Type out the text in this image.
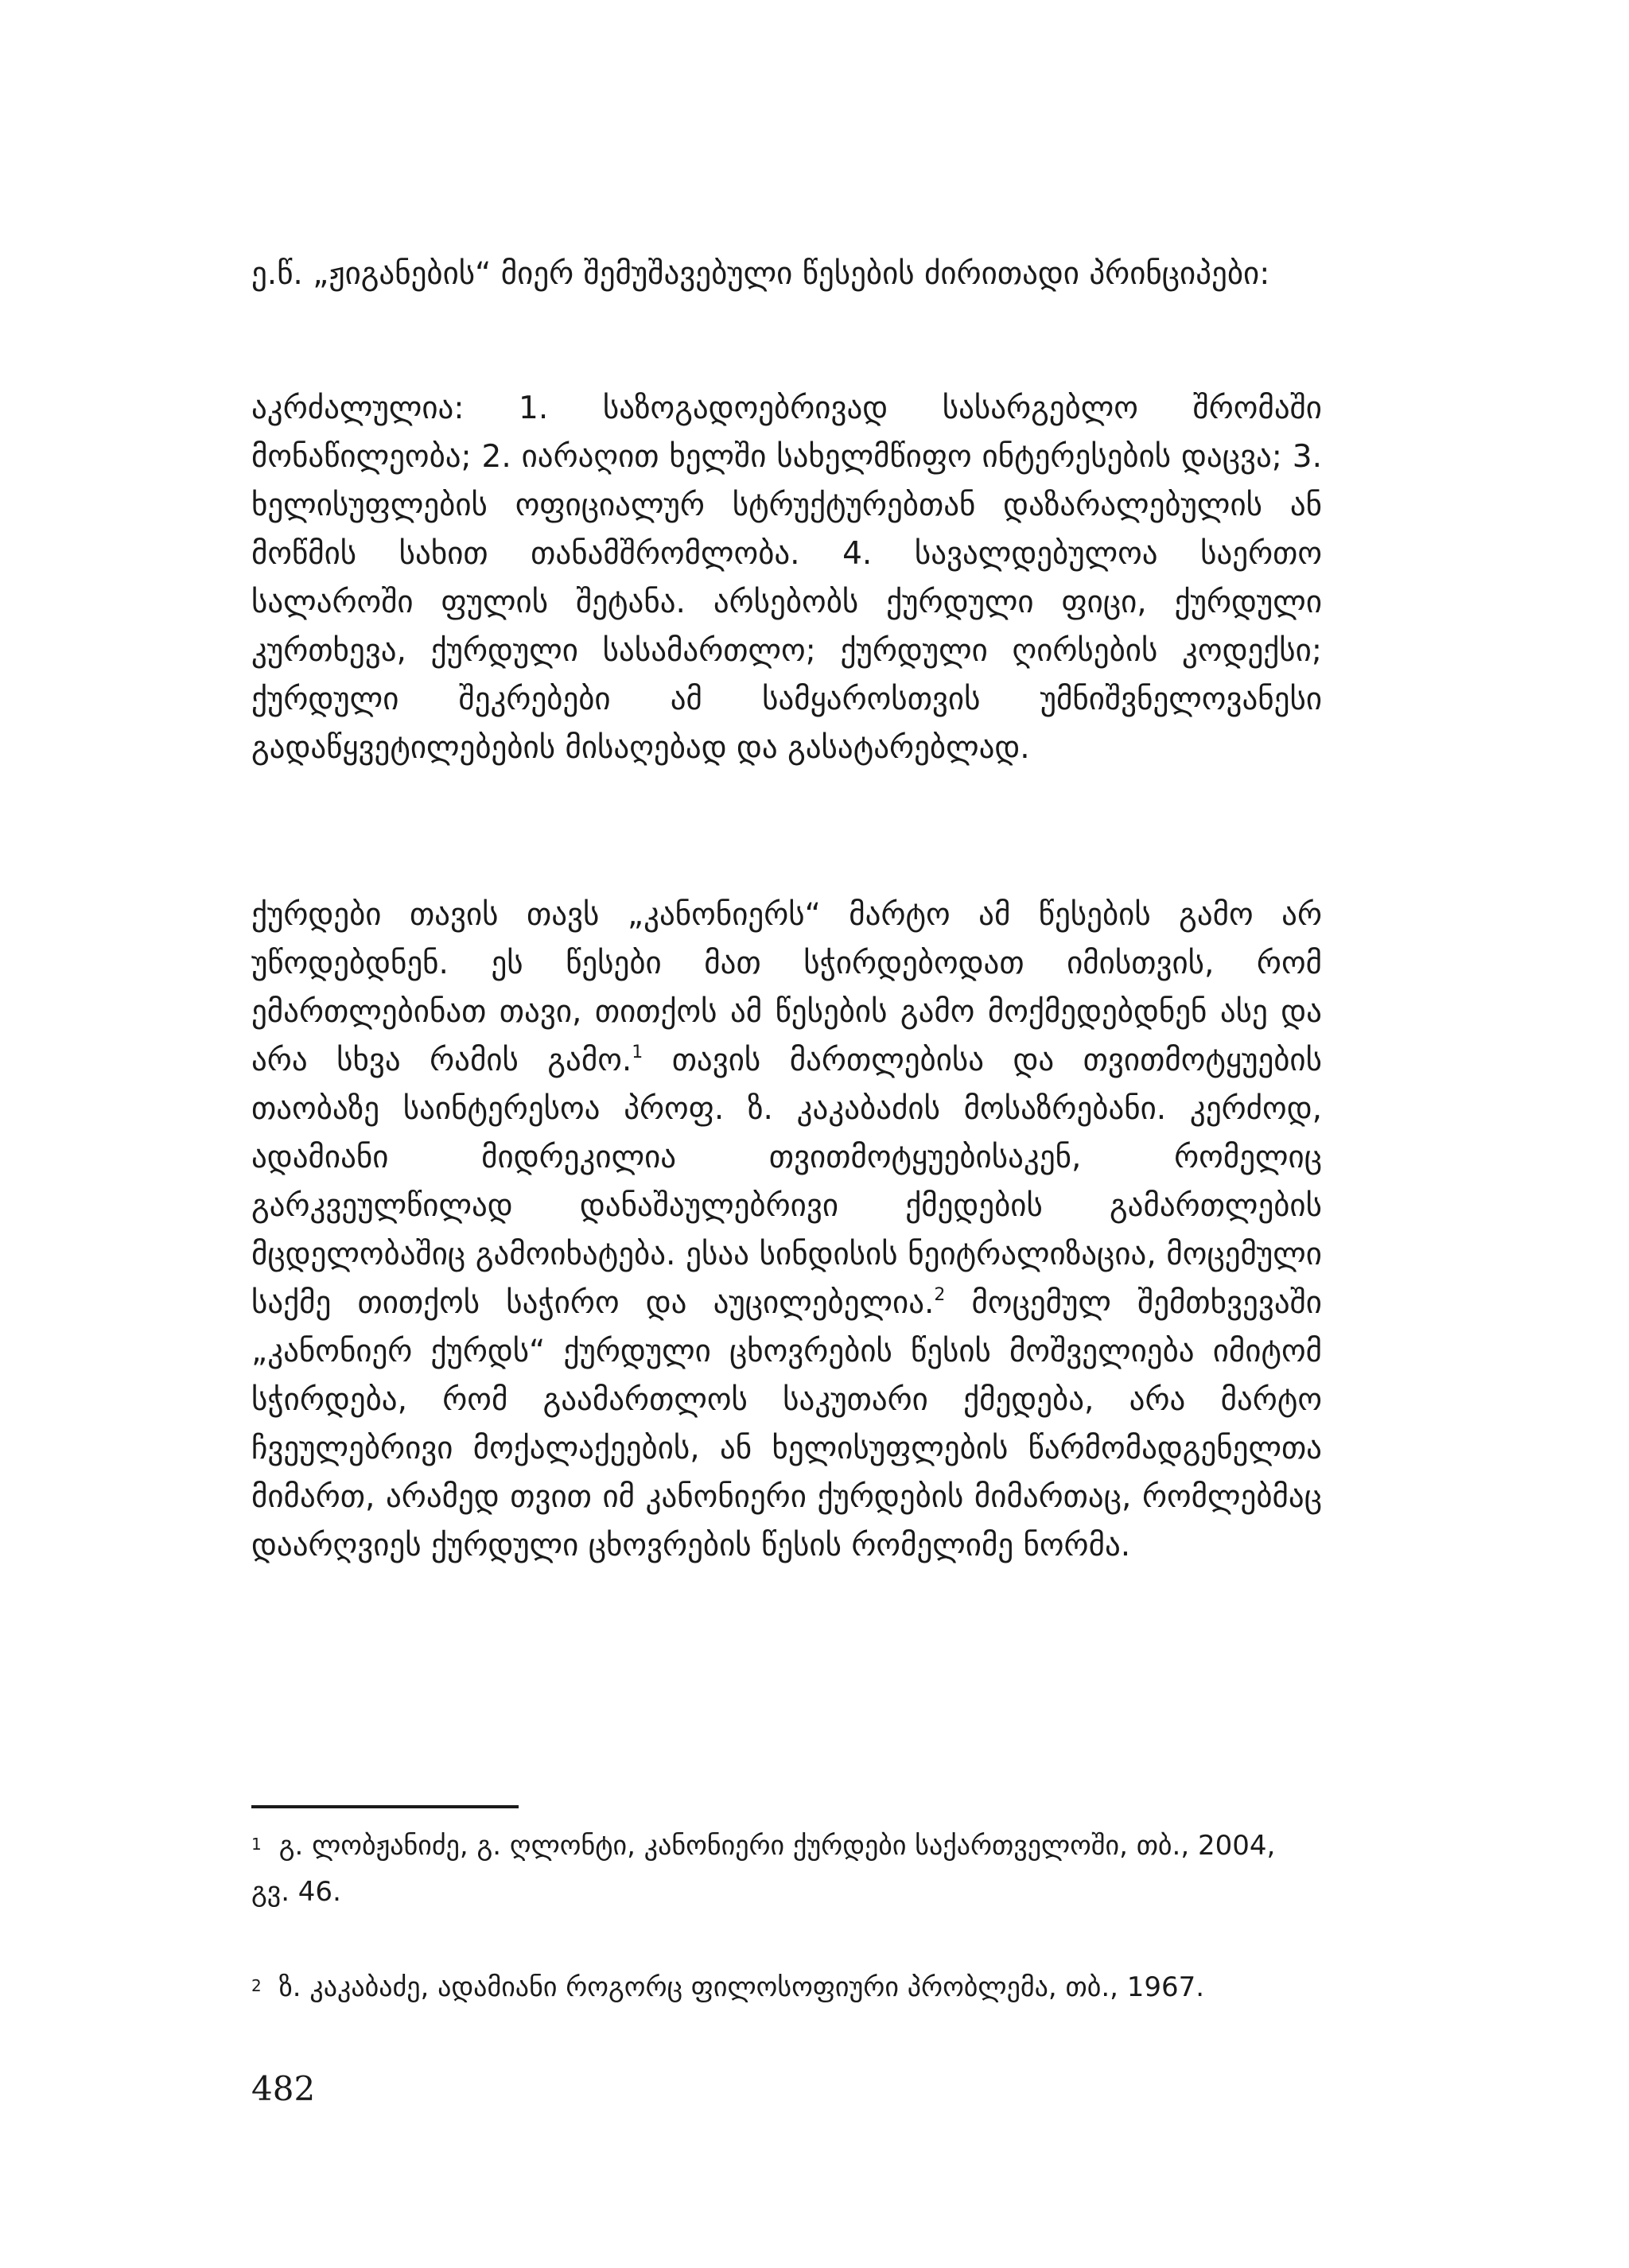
ე.წ. „ჟიგანების“ მიერ შემუშავებული წესების ძირითადი პრინციპები:

აკრძალულია: 1. საზოგადოებრივად სასარგებლო შრომაში მონაწილეობა; 2. იარაღით ხელში სახელმწიფო ინტერესების დაცვა; 3. ხელისუფლების ოფიციალურ სტრუქტურებთან დაზარალებულის ან მოწმის სახით თანამშრომლობა. 4. სავალდებულოა საერთო სალაროში ფულის შეტანა. არსებობს ქურდული ფიცი, ქურდული კურთხევა, ქურდული სასამართლო; ქურდული ღირსების კოდექსი; ქურდული შეკრებები ამ სამყაროსთვის უმნიშვნელოვანესი გადაწყვეტილებების მისაღებად და გასატარებლად.

ქურდები თავის თავს „კანონიერს“ მარტო ამ წესების გამო არ უწოდებდნენ. ეს წესები მათ სჭირდებოდათ იმისთვის, რომ ემართლებინათ თავი, თითქოს ამ წესების გამო მოქმედებდნენ ასე და არა სხვა რამის გამო.$^1$ თავის მართლებისა და თვითმოტყუების თაობაზე საინტერესოა პროფ. ზ. კაკაბაძის მოსაზრებანი. კერძოდ, ადამიანი მიდრეკილია თვითმოტყუებისაკენ, რომელიც გარკვეულწილად დანაშაულებრივი ქმედების გამართლების მცდელობაშიც გამოიხატება. ესაა სინდისის ნეიტრალიზაცია, მოცემული საქმე თითქოს საჭირო და აუცილებელია.$^2$ მოცემულ შემთხვევაში „კანონიერ ქურდს“ ქურდული ცხოვრების წესის მოშველიება იმიტომ სჭირდება, რომ გაამართლოს საკუთარი ქმედება, არა მარტო ჩვეულებრივი მოქალაქეების, ან ხელისუფლების წარმომადგენელთა მიმართ, არამედ თვით იმ კანონიერი ქურდების მიმართაც, რომლებმაც დაარღვიეს ქურდული ცხოვრების წესის რომელიმე ნორმა.

$^1$ გ. ლობჟანიძე, გ. ღლონტი, კანონიერი ქურდები საქართველოში, თბ., 2004, გვ. 46.

$^2$ ზ. კაკაბაძე, ადამიანი როგორც ფილოსოფიური პრობლემა, თბ., 1967.

482
